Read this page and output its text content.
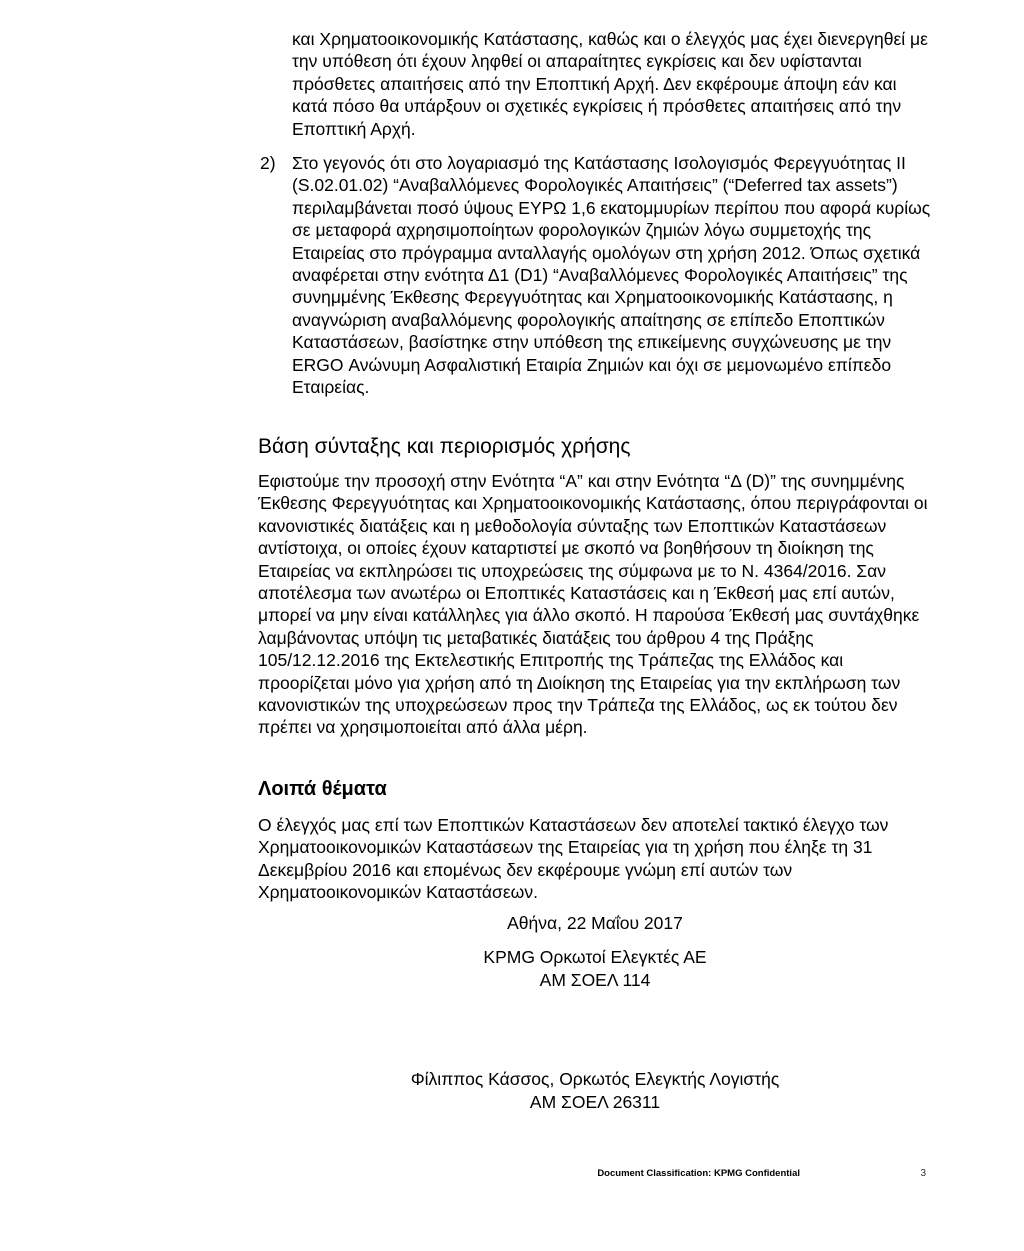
και Χρηματοοικονομικής Κατάστασης, καθώς και ο έλεγχός μας έχει διενεργηθεί με την υπόθεση ότι έχουν ληφθεί οι απαραίτητες εγκρίσεις και δεν υφίστανται πρόσθετες απαιτήσεις από την Εποπτική Αρχή. Δεν εκφέρουμε άποψη εάν και κατά πόσο θα υπάρξουν οι σχετικές εγκρίσεις ή πρόσθετες απαιτήσεις από την Εποπτική Αρχή.

2) Στο γεγονός ότι στο λογαριασμό της Κατάστασης Ισολογισμός Φερεγγυότητας ΙΙ (S.02.01.02) “Αναβαλλόμενες Φορολογικές Απαιτήσεις” (“Deferred tax assets”) περιλαμβάνεται ποσό ύψους ΕΥΡΩ 1,6 εκατομμυρίων περίπου που αφορά κυρίως σε μεταφορά αχρησιμοποίητων φορολογικών ζημιών λόγω συμμετοχής της Εταιρείας στο πρόγραμμα ανταλλαγής ομολόγων στη χρήση 2012. Όπως σχετικά αναφέρεται στην ενότητα Δ1 (D1) “Αναβαλλόμενες Φορολογικές Απαιτήσεις” της συνημμένης Έκθεσης Φερεγγυότητας και Χρηματοοικονομικής Κατάστασης, η αναγνώριση αναβαλλόμενης φορολογικής απαίτησης σε επίπεδο Εποπτικών Καταστάσεων, βασίστηκε στην υπόθεση της επικείμενης συγχώνευσης με την ERGO Ανώνυμη Ασφαλιστική Εταιρία Ζημιών και όχι σε μεμονωμένο επίπεδο Εταιρείας.
Βάση σύνταξης και περιορισμός χρήσης

Εφιστούμε την προσοχή στην Ενότητα “A” και στην Ενότητα “Δ (D)” της συνημμένης Έκθεσης Φερεγγυότητας και Χρηματοοικονομικής Κατάστασης, όπου περιγράφονται οι κανονιστικές διατάξεις και η μεθοδολογία σύνταξης των Εποπτικών Καταστάσεων αντίστοιχα, οι οποίες έχουν καταρτιστεί με σκοπό να βοηθήσουν τη διοίκηση της Εταιρείας να εκπληρώσει τις υποχρεώσεις της σύμφωνα με το Ν. 4364/2016. Σαν αποτέλεσμα των ανωτέρω οι Εποπτικές Καταστάσεις και η Έκθεσή μας επί αυτών, μπορεί να μην είναι κατάλληλες για άλλο σκοπό. Η παρούσα Έκθεσή μας συντάχθηκε λαμβάνοντας υπόψη τις μεταβατικές διατάξεις του άρθρου 4 της Πράξης 105/12.12.2016 της Εκτελεστικής Επιτροπής της Τράπεζας της Ελλάδος και προορίζεται μόνο για χρήση από τη Διοίκηση της Εταιρείας για την εκπλήρωση των κανονιστικών της υποχρεώσεων προς την Τράπεζα της Ελλάδος, ως εκ τούτου δεν πρέπει να χρησιμοποιείται από άλλα μέρη.

Λοιπά θέματα

Ο έλεγχός μας επί των Εποπτικών Καταστάσεων δεν αποτελεί τακτικό έλεγχο των Χρηματοοικονομικών Καταστάσεων της Εταιρείας για τη χρήση που έληξε τη 31 Δεκεμβρίου 2016 και επομένως δεν εκφέρουμε γνώμη επί αυτών των Χρηματοοικονομικών Καταστάσεων.

Αθήνα, 22 Μαΐου 2017

KPMG Ορκωτοί Ελεγκτές ΑΕ

ΑΜ ΣΟΕΛ 114

Φίλιππος Κάσσος, Ορκωτός Ελεγκτής Λογιστής

ΑΜ ΣΟΕΛ 26311

Document Classification: KPMG Confidential	3
